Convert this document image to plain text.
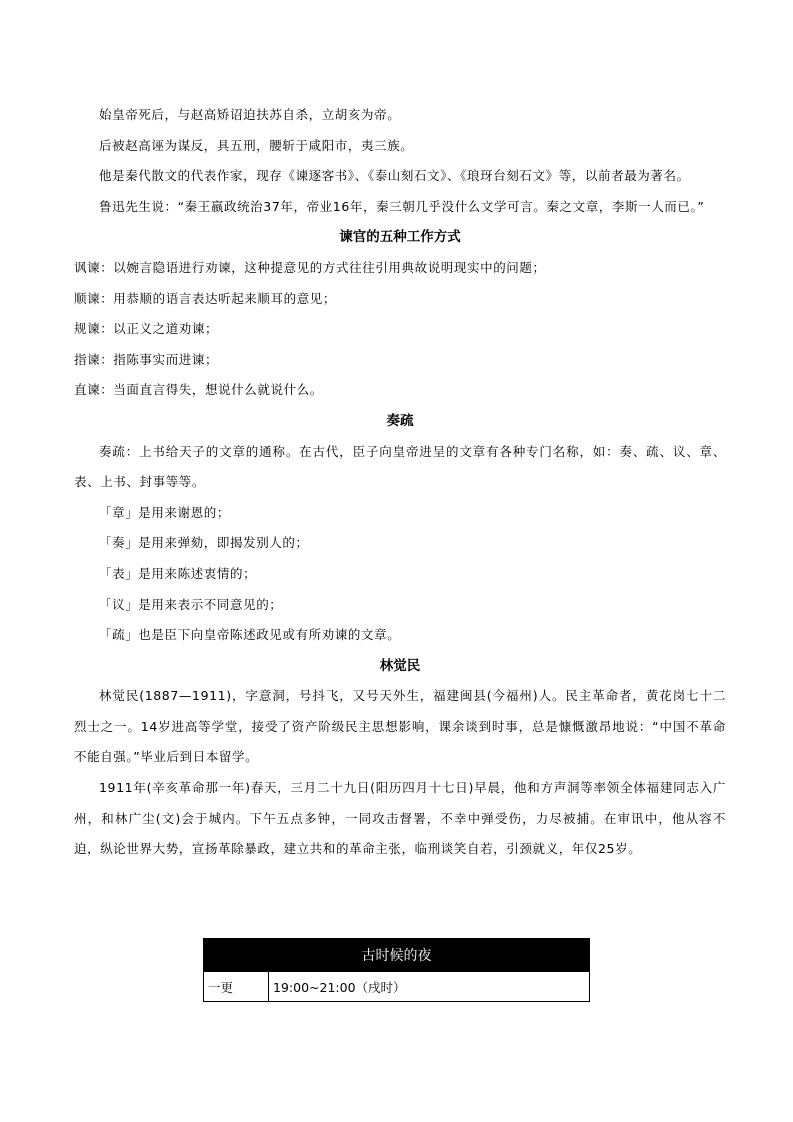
始皇帝死后，与赵高矫诏迫扶苏自杀，立胡亥为帝。

后被赵高诬为谋反，具五刑，腰斩于咸阳市，夷三族。

他是秦代散文的代表作家，现存《谏逐客书》、《泰山刻石文》、《琅玡台刻石文》等，以前者最为著名。

鲁迅先生说：“秦王嬴政统治37年，帝业16年，秦三朝几乎没什么文学可言。秦之文章，李斯一人而已。”

谏官的五种工作方式

讽谏：以婉言隐语进行劝谏，这种提意见的方式往往引用典故说明现实中的问题；

顺谏：用恭顺的语言表达听起来顺耳的意见；

规谏：以正义之道劝谏；

指谏：指陈事实而进谏；

直谏：当面直言得失，想说什么就说什么。

奏疏

奏疏：上书给天子的文章的通称。在古代，臣子向皇帝进呈的文章有各种专门名称，如：奏、疏、议、章、表、上书、封事等等。

「章」是用来谢恩的；

「奏」是用来弹劾，即揭发别人的；

「表」是用来陈述衷情的；

「议」是用来表示不同意见的；

「疏」也是臣下向皇帝陈述政见或有所劝谏的文章。

林觉民

林觉民(1887—1911)，字意洞，号抖飞，又号天外生，福建闽县(今福州)人。民主革命者，黄花岗七十二烈士之一。14岁进高等学堂，接受了资产阶级民主思想影响，课余谈到时事，总是慷慨激昂地说：“中国不革命不能自强。”毕业后到日本留学。

1911年(辛亥革命那一年)春天，三月二十九日(阳历四月十七日)早晨，他和方声洞等率领全体福建同志入广州，和林广尘(文)会于城内。下午五点多钟，一同攻击督署，不幸中弹受伤，力尽被捕。在审讯中，他从容不迫，纵论世界大势，宣扬革除暴政，建立共和的革命主张，临刑谈笑自若，引颈就义，年仅25岁。

古时候的夜
一更	19:00~21:00（戌时）
